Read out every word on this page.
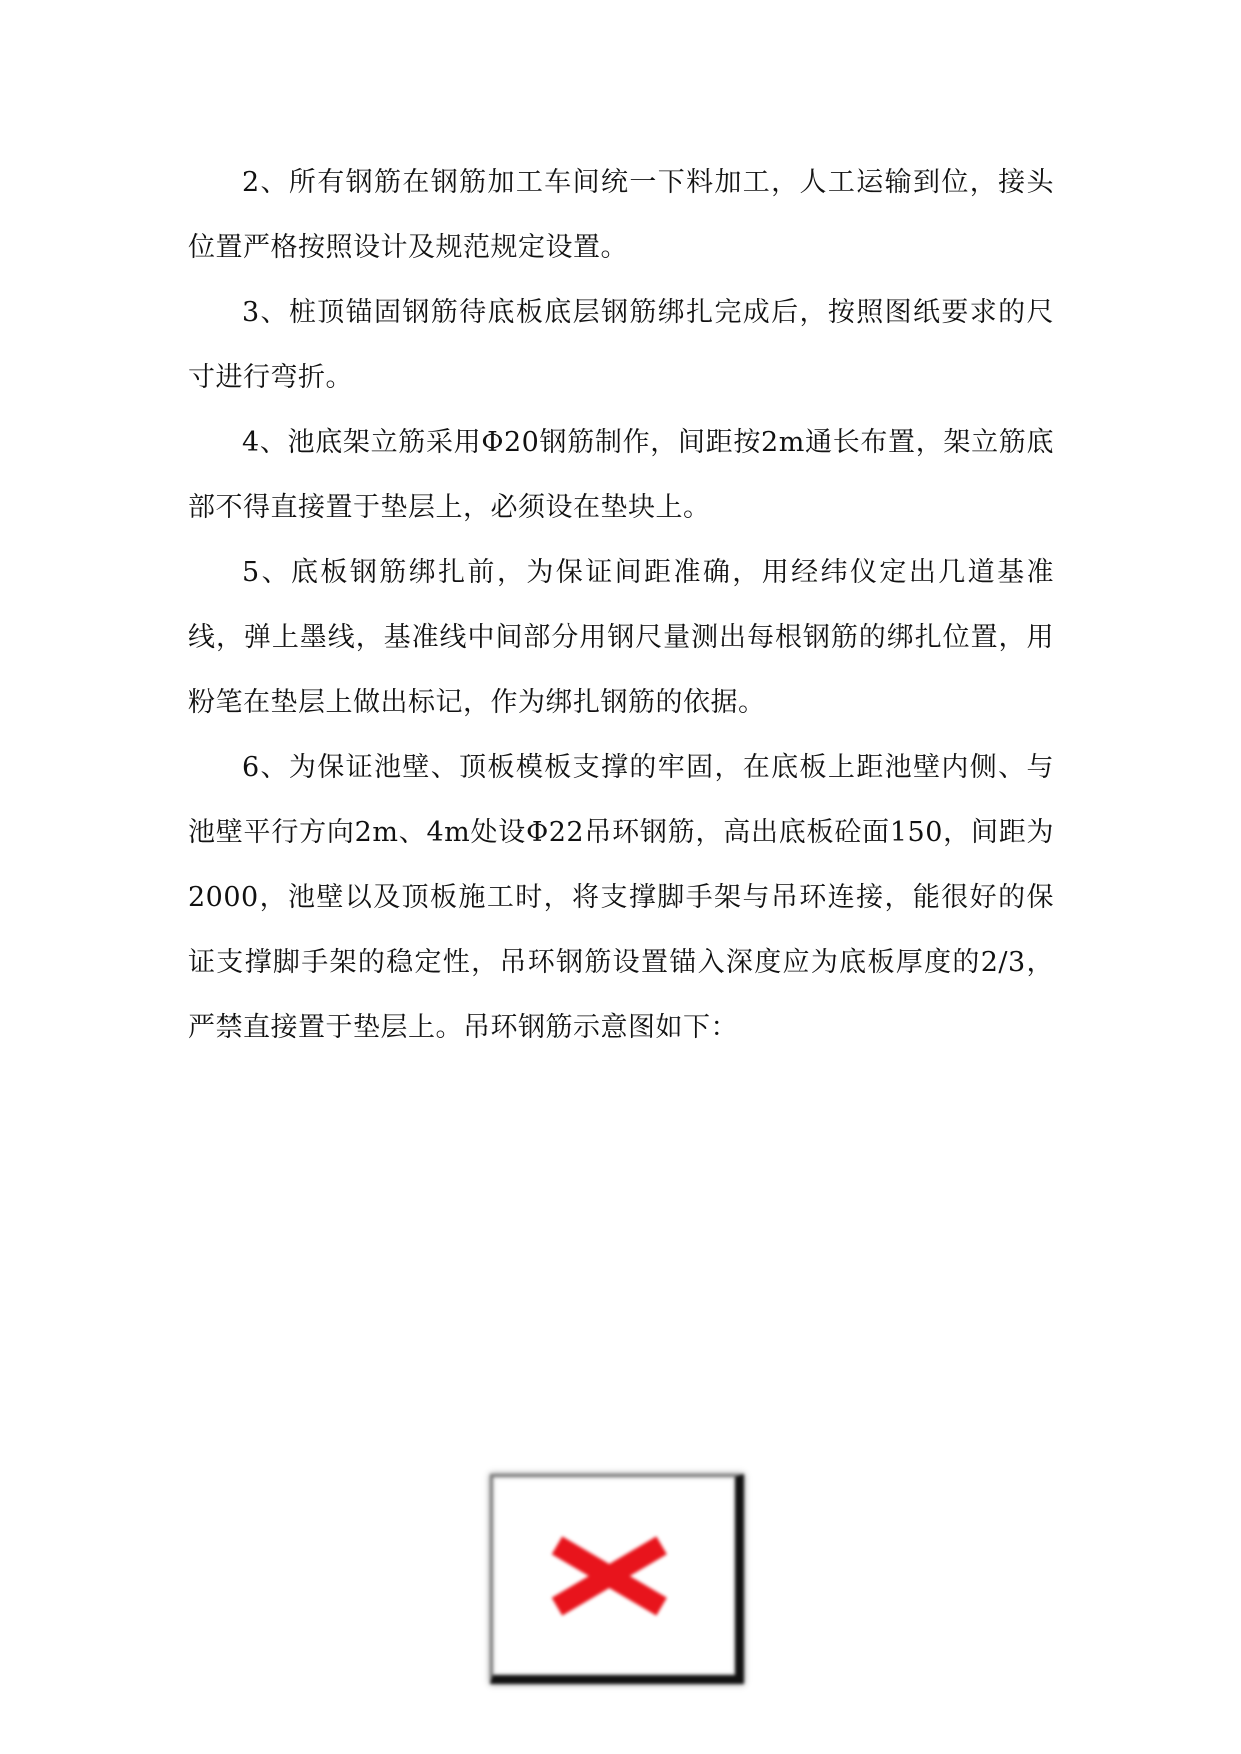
2、所有钢筋在钢筋加工车间统一下料加工，人工运输到位，接头位置严格按照设计及规范规定设置。

3、桩顶锚固钢筋待底板底层钢筋绑扎完成后，按照图纸要求的尺寸进行弯折。

4、池底架立筋采用Φ20钢筋制作，间距按2m通长布置，架立筋底部不得直接置于垫层上，必须设在垫块上。

5、底板钢筋绑扎前，为保证间距准确，用经纬仪定出几道基准线，弹上墨线，基准线中间部分用钢尺量测出每根钢筋的绑扎位置，用粉笔在垫层上做出标记，作为绑扎钢筋的依据。

6、为保证池壁、顶板模板支撑的牢固，在底板上距池壁内侧、与池壁平行方向2m、4m处设Φ22吊环钢筋，高出底板砼面150，间距为2000，池壁以及顶板施工时，将支撑脚手架与吊环连接，能很好的保证支撑脚手架的稳定性，吊环钢筋设置锚入深度应为底板厚度的2/3，严禁直接置于垫层上。吊环钢筋示意图如下：
